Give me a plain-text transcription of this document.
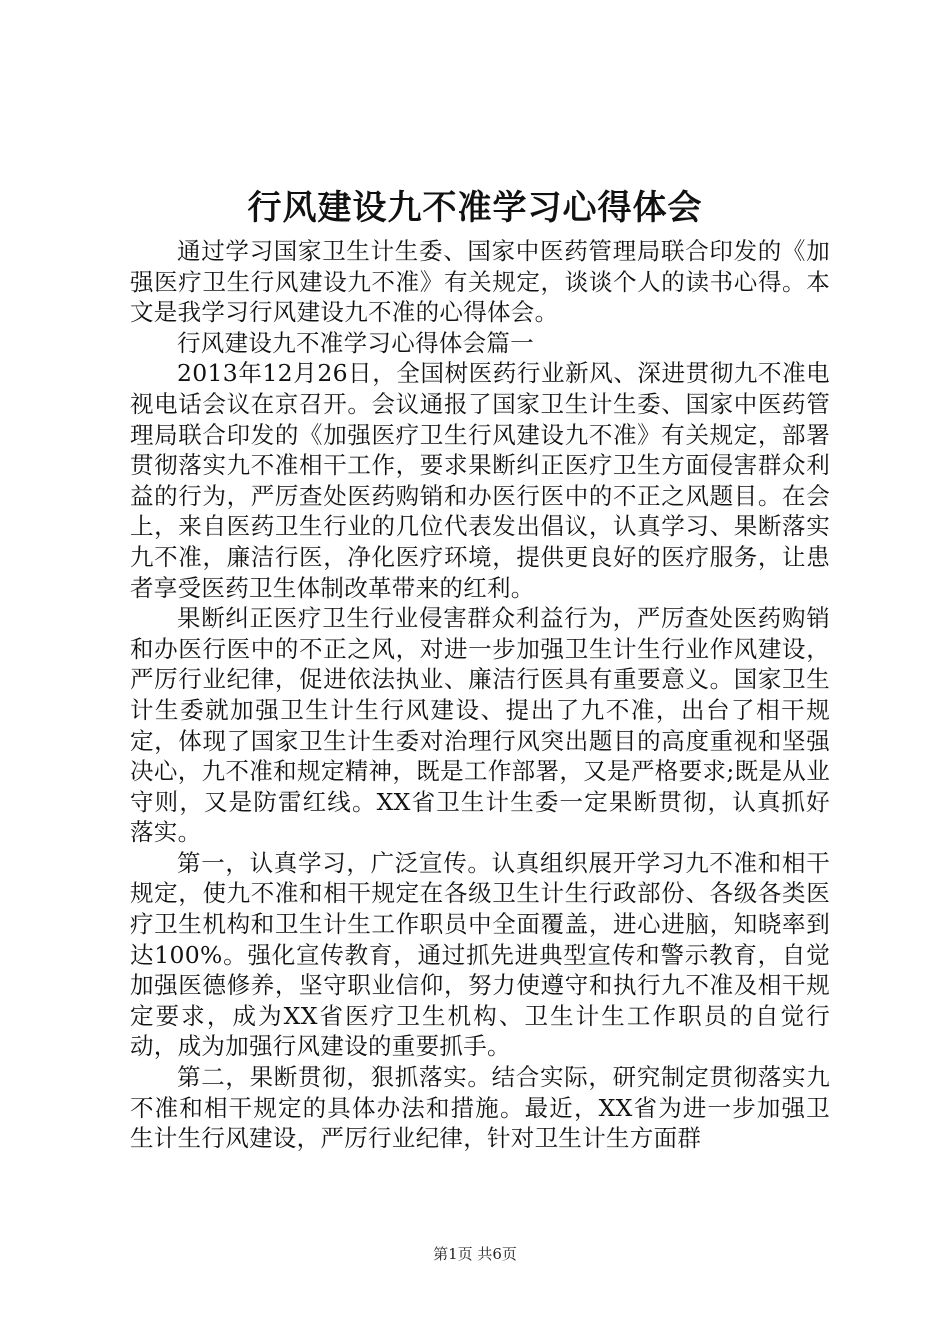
行风建设九不准学习心得体会

通过学习国家卫生计生委、国家中医药管理局联合印发的《加强医疗卫生行风建设九不准》有关规定，谈谈个人的读书心得。本文是我学习行风建设九不准的心得体会。

行风建设九不准学习心得体会篇一

2013年12月26日，全国树医药行业新风、深进贯彻九不准电视电话会议在京召开。会议通报了国家卫生计生委、国家中医药管理局联合印发的《加强医疗卫生行风建设九不准》有关规定，部署贯彻落实九不准相干工作，要求果断纠正医疗卫生方面侵害群众利益的行为，严厉查处医药购销和办医行医中的不正之风题目。在会上，来自医药卫生行业的几位代表发出倡议，认真学习、果断落实九不准，廉洁行医，净化医疗环境，提供更良好的医疗服务，让患者享受医药卫生体制改革带来的红利。

果断纠正医疗卫生行业侵害群众利益行为，严厉查处医药购销和办医行医中的不正之风，对进一步加强卫生计生行业作风建设，严厉行业纪律，促进依法执业、廉洁行医具有重要意义。国家卫生计生委就加强卫生计生行风建设、提出了九不准，出台了相干规定，体现了国家卫生计生委对治理行风突出题目的高度重视和坚强决心，九不准和规定精神，既是工作部署，又是严格要求;既是从业守则，又是防雷红线。XX省卫生计生委一定果断贯彻，认真抓好落实。

第一，认真学习，广泛宣传。认真组织展开学习九不准和相干规定，使九不准和相干规定在各级卫生计生行政部份、各级各类医疗卫生机构和卫生计生工作职员中全面覆盖，进心进脑，知晓率到达100%。强化宣传教育，通过抓先进典型宣传和警示教育，自觉加强医德修养，坚守职业信仰，努力使遵守和执行九不准及相干规定要求，成为XX省医疗卫生机构、卫生计生工作职员的自觉行动，成为加强行风建设的重要抓手。

第二，果断贯彻，狠抓落实。结合实际，研究制定贯彻落实九不准和相干规定的具体办法和措施。最近，XX省为进一步加强卫生计生行风建设，严厉行业纪律，针对卫生计生方面群

第1页 共6页
